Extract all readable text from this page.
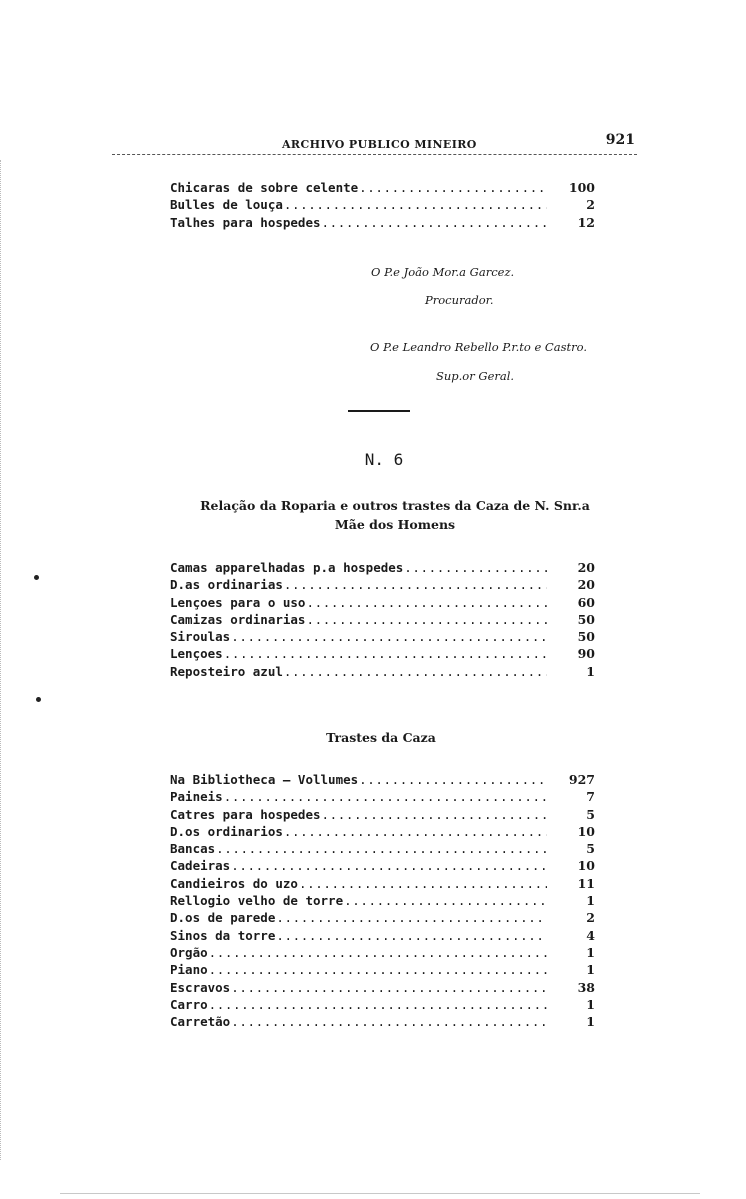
ARCHIVO PUBLICO MINEIRO	921
Chicaras de sobre celente .....	100
Bulles de louça .....	2
Talhes para hospedes .....	12
O P.e João Mor.a Garcez.
Procurador.
O P.e Leandro Rebello P.r.to e Castro.
Sup.or Geral.
N. 6
Relação da Roparia e outros trastes da Caza de N. Snr.a
Mãe dos Homens
Camas apparelhadas p.a hospedes .....	20
D.as ordinarias .....	20
Lençoes para o uso .....	60
Camizas ordinarias .....	50
Siroulas .....	50
Lençoes .....	90
Reposteiro azul .....	1
Trastes da Caza
Na Bibliotheca — Vollumes .....	927
Paineis .....	7
Catres para hospedes .....	5
D.os ordinarios .....	10
Bancas .....	5
Cadeiras .....	10
Candieiros do uzo .....	11
Rellogio velho de torre .....	1
D.os de parede .....	2
Sinos da torre .....	4
Orgão .....	1
Piano .....	1
Escravos .....	38
Carro .....	1
Carretão .....	1
